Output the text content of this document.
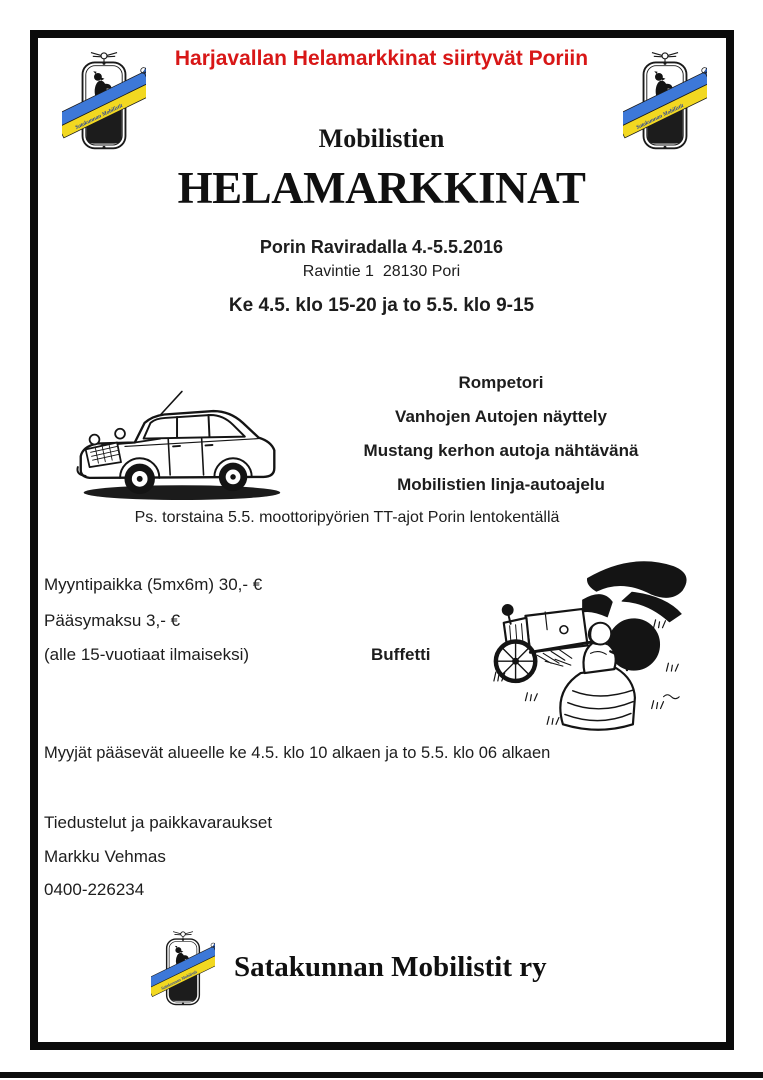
Harjavallan Helamarkkinat siirtyvät Poriin
Mobilistien
HELAMARKKINAT
Porin Raviradalla 4.-5.5.2016
Ravintie 1  28130 Pori
Ke 4.5. klo 15-20 ja to 5.5. klo 9-15
Rompetori
Vanhojen Autojen näyttely
Mustang kerhon autoja nähtävänä
Mobilistien linja-autoajelu
Ps. torstaina 5.5. moottoripyörien TT-ajot Porin lentokentällä
Myyntipaikka (5mx6m) 30,- €
Pääsymaksu 3,- €
(alle 15-vuotiaat ilmaiseksi)	Buffetti
Myyjät pääsevät alueelle ke 4.5. klo 10 alkaen ja to 5.5. klo 06 alkaen
Tiedustelut ja paikkavaraukset
Markku Vehmas
0400-226234
Satakunnan Mobilistit ry
